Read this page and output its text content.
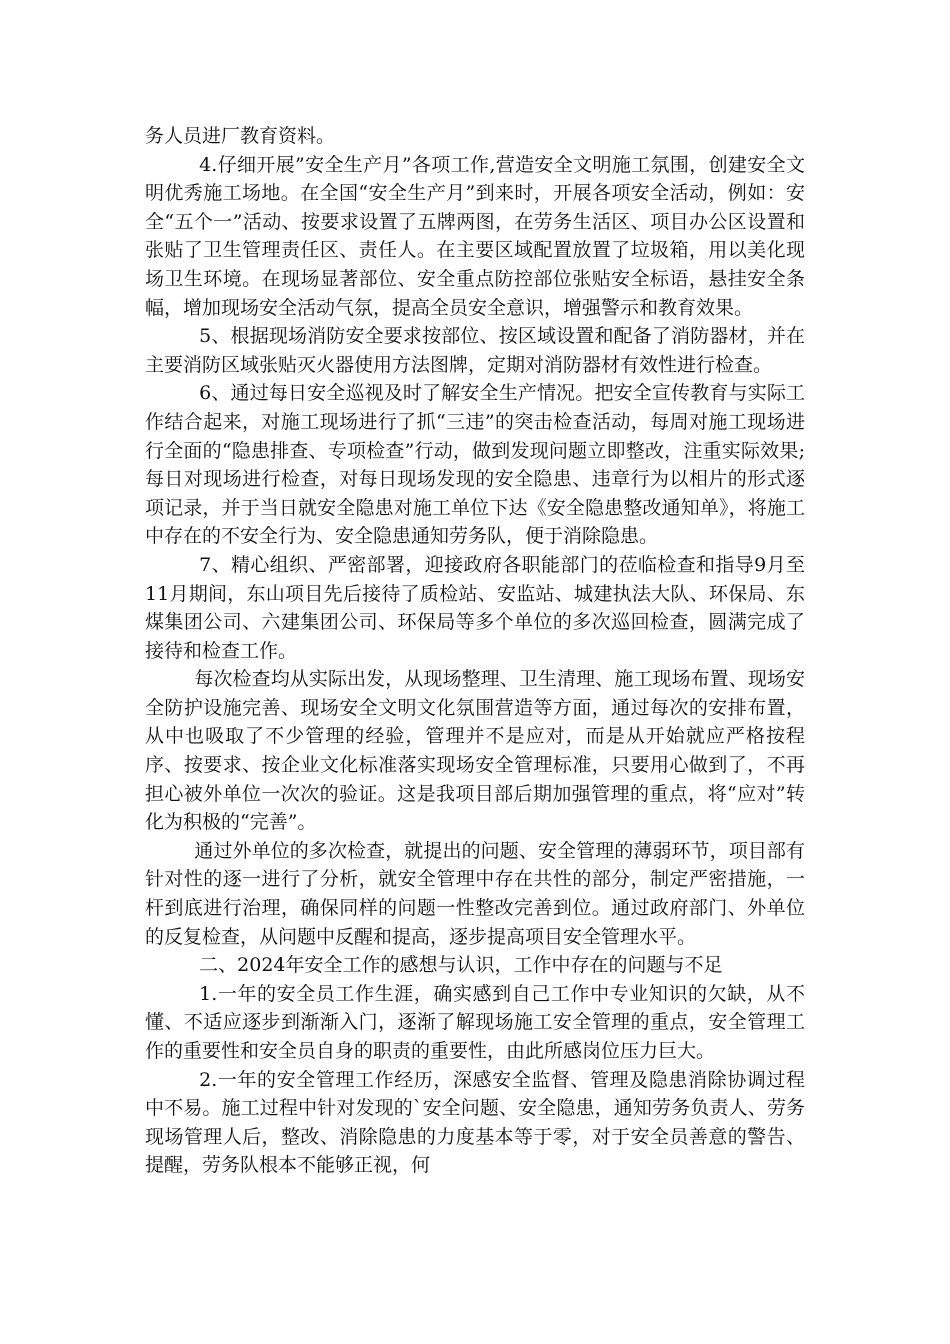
务人员进厂教育资料。

4.仔细开展”安全生产月”各项工作,营造安全文明施工氛围，创建安全文明优秀施工场地。在全国“安全生产月”到来时，开展各项安全活动，例如：安全“五个一”活动、按要求设置了五牌两图，在劳务生活区、项目办公区设置和张贴了卫生管理责任区、责任人。在主要区域配置放置了垃圾箱，用以美化现场卫生环境。在现场显著部位、安全重点防控部位张贴安全标语，悬挂安全条幅，增加现场安全活动气氛，提高全员安全意识，增强警示和教育效果。

5、根据现场消防安全要求按部位、按区域设置和配备了消防器材，并在主要消防区域张贴灭火器使用方法图牌，定期对消防器材有效性进行检查。

6、通过每日安全巡视及时了解安全生产情况。把安全宣传教育与实际工作结合起来，对施工现场进行了抓“三违”的突击检查活动，每周对施工现场进行全面的“隐患排查、专项检查”行动，做到发现问题立即整改，注重实际效果;每日对现场进行检查，对每日现场发现的安全隐患、违章行为以相片的形式逐项记录，并于当日就安全隐患对施工单位下达《安全隐患整改通知单》，将施工中存在的不安全行为、安全隐患通知劳务队，便于消除隐患。

7、精心组织、严密部署，迎接政府各职能部门的莅临检查和指导9月至11月期间，东山项目先后接待了质检站、安监站、城建执法大队、环保局、东煤集团公司、六建集团公司、环保局等多个单位的多次巡回检查，圆满完成了接待和检查工作。

每次检查均从实际出发，从现场整理、卫生清理、施工现场布置、现场安全防护设施完善、现场安全文明文化氛围营造等方面，通过每次的安排布置，从中也吸取了不少管理的经验，管理并不是应对，而是从开始就应严格按程序、按要求、按企业文化标准落实现场安全管理标准，只要用心做到了，不再担心被外单位一次次的验证。这是我项目部后期加强管理的重点，将“应对”转化为积极的“完善”。

通过外单位的多次检查，就提出的问题、安全管理的薄弱环节，项目部有针对性的逐一进行了分析，就安全管理中存在共性的部分，制定严密措施，一杆到底进行治理，确保同样的问题一性整改完善到位。通过政府部门、外单位的反复检查，从问题中反醒和提高，逐步提高项目安全管理水平。

二、2024年安全工作的感想与认识，工作中存在的问题与不足

1.一年的安全员工作生涯，确实感到自己工作中专业知识的欠缺，从不懂、不适应逐步到渐渐入门，逐渐了解现场施工安全管理的重点，安全管理工作的重要性和安全员自身的职责的重要性，由此所感岗位压力巨大。

2.一年的安全管理工作经历，深感安全监督、管理及隐患消除协调过程中不易。施工过程中针对发现的`安全问题、安全隐患，通知劳务负责人、劳务现场管理人后，整改、消除隐患的力度基本等于零，对于安全员善意的警告、提醒，劳务队根本不能够正视，何
